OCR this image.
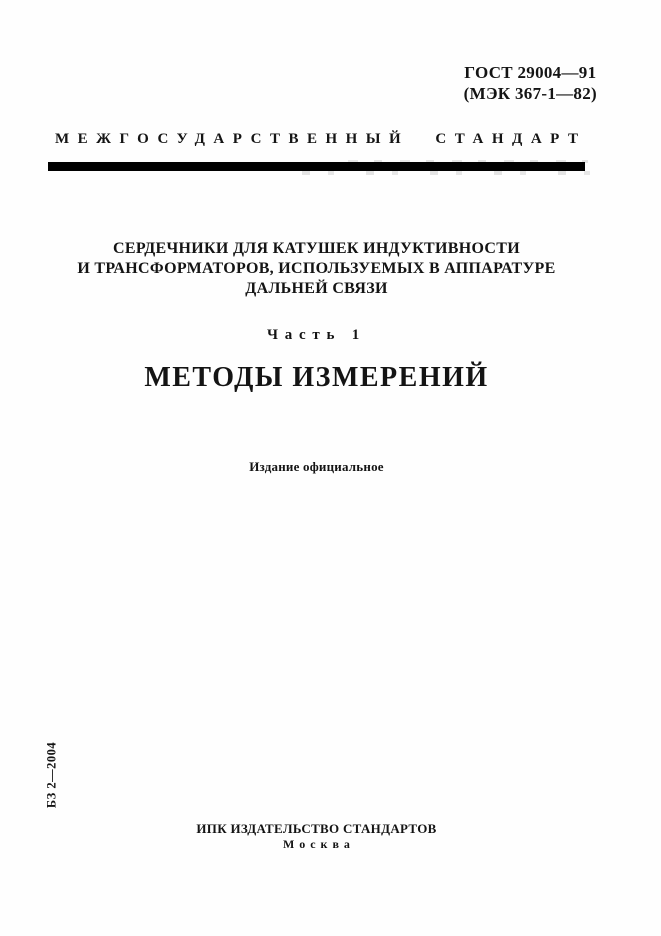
ГОСТ 29004—91
(МЭК 367-1—82)
МЕЖГОСУДАРСТВЕННЫЙ СТАНДАРТ
СЕРДЕЧНИКИ ДЛЯ КАТУШЕК ИНДУКТИВНОСТИ
И ТРАНСФОРМАТОРОВ, ИСПОЛЬЗУЕМЫХ В АППАРАТУРЕ
ДАЛЬНЕЙ СВЯЗИ
Часть 1
МЕТОДЫ ИЗМЕРЕНИЙ
Издание официальное
БЗ 2—2004
ИПК ИЗДАТЕЛЬСТВО СТАНДАРТОВ
Москва
